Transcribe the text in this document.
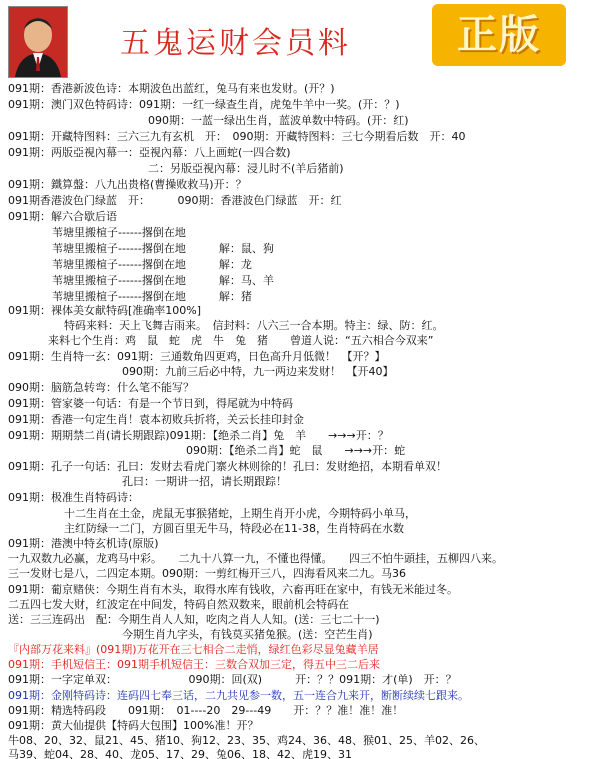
五鬼运财会员料	正版
091期：香港新波色诗：本期波色出蓝红，兔马有来也发财。(开？)
091期：澳门双色特码诗：091期：一红一绿查生肖，虎兔牛羊中一奖。(开：？)
090期：一蓝一绿出生肖，蓝波单数中特码。(开：红)
091期：开藏特图料：三六三九有玄机　开：　090期：开藏特图料：三七今期看后数　开：40
091期：两版亞視內幕一：亞視內幕：八上画蛇(一四合数)
二：另版亞視內幕：浸儿时不(羊后猪前)
091期：鐵算盤：八九出贵格(曹操败救马)开：？
091期香港波色门绿蓝　开：　　　090期：香港波色门绿蓝　开：红
091期：解六合歇后语
苇塘里搬楦子------撂倒在地
苇塘里搬楦子------撂倒在地　　　解：鼠、狗
苇塘里搬楦子------撂倒在地　　　解：龙
苇塘里搬楦子------撂倒在地　　　解：马、羊
苇塘里搬楦子------撂倒在地　　　解：猪
091期：裸体美女献特码[准确率100%]
特码来料：天上飞舞吉雨来。　信封料：八六三一合本期。特主：绿、防：红。
来料七个生肖：鸡　鼠　蛇　虎　牛　兔　猪　　曾道人说：“五六相合今双来”
091期：生肖特一玄：091期：三通数角四更鸡，日色高升月低微！　【开？】
090期：九前三后必中特，九一两边来发财！　【开40】
090期：脑筋急转弯：什么笔不能写？
091期：管家婆一句话：有是一个节日到，得尾就为中特码
091期：香港一句定生肖！袁本初败兵折将，关云长挂印封金
091期：期期禁二肖(请长期跟踪)091期：【绝杀二肖】兔　羊　　→→→开：？
090期：【绝杀二肖】蛇　鼠　　→→→开：蛇
091期：孔子一句话：孔曰：发财去看虎门寨火林则徐的！孔曰：发财绝招，本期看单双！
孔曰：一期讲一招，请长期跟踪！
091期：极准生肖特码诗：
十二生肖在土金，虎鼠无事猴猪蛇，上期生肖开小虎，今期特码小单马，
主红防绿一二门，方圆百里无牛马，特段必在11-38，生肖特码在水数
091期：港澳中特玄机诗(原版)
一九双数九必赢，龙鸡马中彩。　　二九十八算一九，不懂也得懂。　　四三不怕牛頭挂，五柳四八来。
三一发财七是八，二四定本期。090期：一剪红梅开三八，四海看风来二九。马36
091期：葡京赌侠：今期生肖有木头，取得水库有钱收，六畜再旺在家中，有钱无米能过冬。
二五四七发大财，红波定在中间发，特码自然双数来，眼前机会特码在
送：三三连码出　配：今期生肖人人知，吃肉之肖人人知。(送：三七二十一)
今期生肖九字头，有钱莫买猪兔猴。(送：空芒生肖)
『内部万花来料』(091期)万花开在三七相合二走悄，绿红色彩尽显兔藏羊居
091期：手机短信王：091期手机短信王：三数合双加三定，得五中三二后来
091期：一字定单双：　　　　　　　090期：回(双)　　　开：？？091期：才(单)　开：？
091期：金刚特码诗：连码四七奉三话，二九共见参一数，五一连合九来开，断断续续七跟来。
091期：精选特码段　　091期：　01----20　29---49　　开：？？准！准！准！
091期：黄大仙提供【特码大包围】100%准！开？
牛08、20、32、鼠21、45、猪10、狗12、23、35、鸡24、36、48、猴01、25、羊02、26、
马39、蛇04、28、40、龙05、17、29、兔06、18、42、虎19、31
